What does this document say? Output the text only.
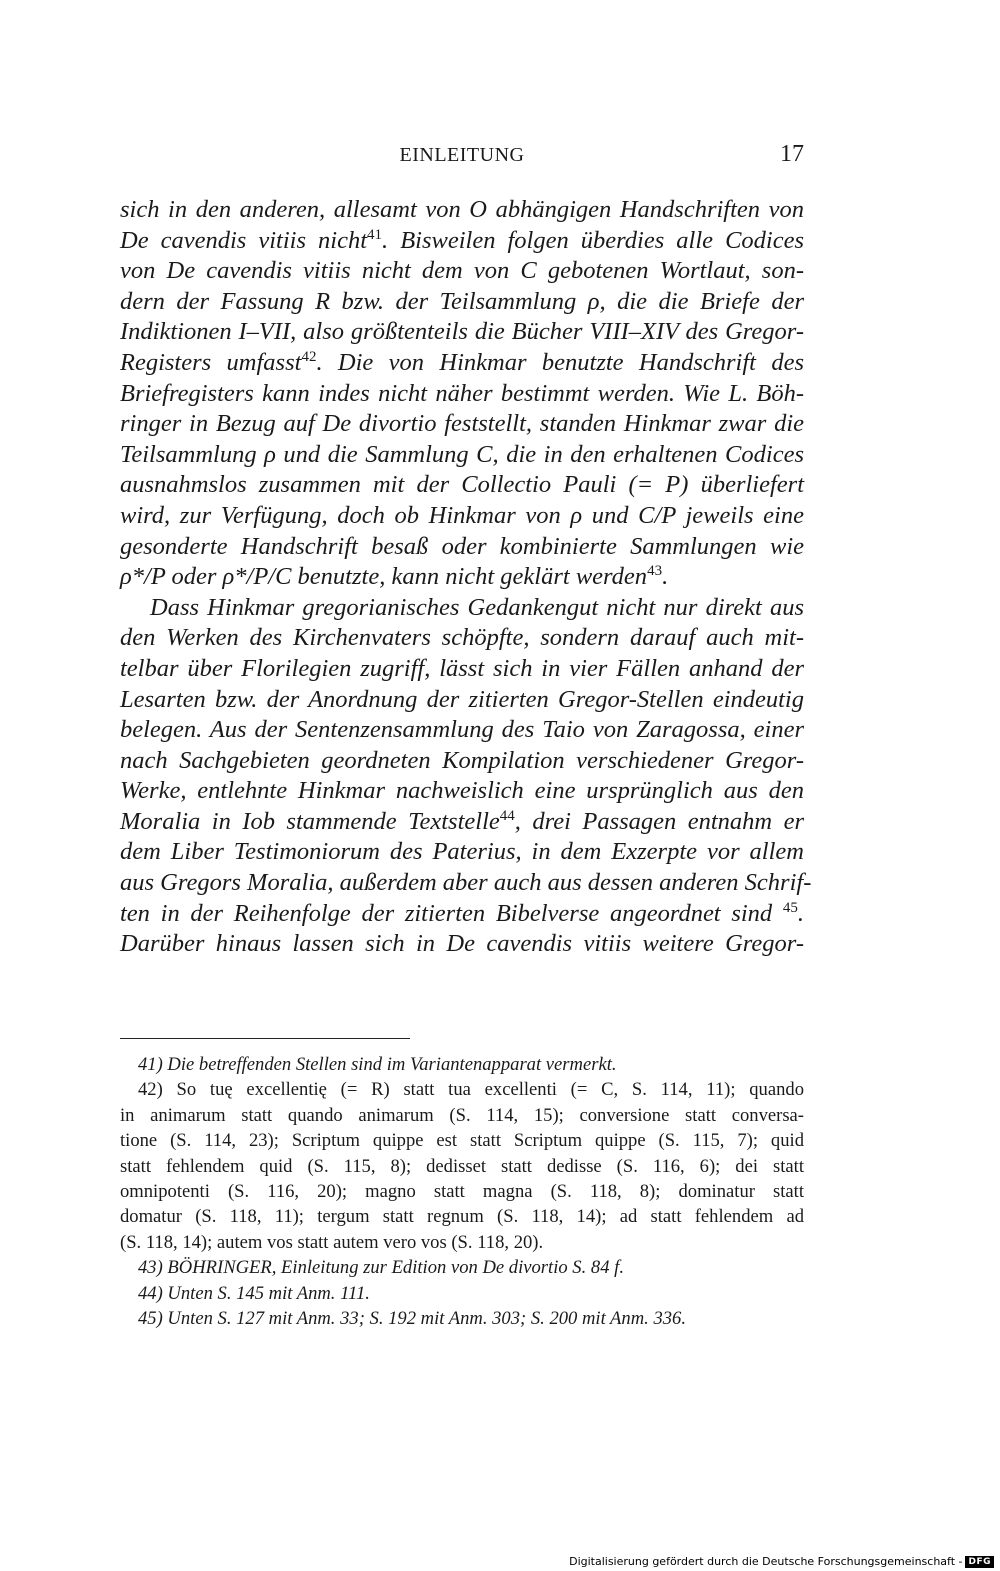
EINLEITUNG	17
sich in den anderen, allesamt von O abhängigen Handschriften von
De cavendis vitiis nicht$^{41}$. Bisweilen folgen überdies alle Codices
von De cavendis vitiis nicht dem von C gebotenen Wortlaut, son-
dern der Fassung R bzw. der Teilsammlung ρ, die die Briefe der
Indiktionen I–VII, also größtenteils die Bücher VIII–XIV des Gregor-
Registers umfasst$^{42}$. Die von Hinkmar benutzte Handschrift des
Briefregisters kann indes nicht näher bestimmt werden. Wie L. Böh-
ringer in Bezug auf De divortio feststellt, standen Hinkmar zwar die
Teilsammlung ρ und die Sammlung C, die in den erhaltenen Codices
ausnahmslos zusammen mit der Collectio Pauli (= P) überliefert
wird, zur Verfügung, doch ob Hinkmar von ρ und C/P jeweils eine
gesonderte Handschrift besaß oder kombinierte Sammlungen wie
ρ*/P oder ρ*/P/C benutzte, kann nicht geklärt werden$^{43}$.
Dass Hinkmar gregorianisches Gedankengut nicht nur direkt aus
den Werken des Kirchenvaters schöpfte, sondern darauf auch mit-
telbar über Florilegien zugriff, lässt sich in vier Fällen anhand der
Lesarten bzw. der Anordnung der zitierten Gregor-Stellen eindeutig
belegen. Aus der Sentenzensammlung des Taio von Zaragossa, einer
nach Sachgebieten geordneten Kompilation verschiedener Gregor-
Werke, entlehnte Hinkmar nachweislich eine ursprünglich aus den
Moralia in Iob stammende Textstelle$^{44}$, drei Passagen entnahm er
dem Liber Testimoniorum des Paterius, in dem Exzerpte vor allem
aus Gregors Moralia, außerdem aber auch aus dessen anderen Schrif-
ten in der Reihenfolge der zitierten Bibelverse angeordnet sind $^{45}$.
Darüber hinaus lassen sich in De cavendis vitiis weitere Gregor-
41) Die betreffenden Stellen sind im Variantenapparat vermerkt.
42) So tuę excellentię (= R) statt tua excellenti (= C, S. 114, 11); quando
in animarum statt quando animarum (S. 114, 15); conversione statt conversa-
tione (S. 114, 23); Scriptum quippe est statt Scriptum quippe (S. 115, 7); quid
statt fehlendem quid (S. 115, 8); dedisset statt dedisse (S. 116, 6); dei statt
omnipotenti (S. 116, 20); magno statt magna (S. 118, 8); dominatur statt
domatur (S. 118, 11); tergum statt regnum (S. 118, 14); ad statt fehlendem ad
(S. 118, 14); autem vos statt autem vero vos (S. 118, 20).
43) BÖHRINGER, Einleitung zur Edition von De divortio S. 84 f.
44) Unten S. 145 mit Anm. 111.
45) Unten S. 127 mit Anm. 33; S. 192 mit Anm. 303; S. 200 mit Anm. 336.
Digitalisierung gefördert durch die Deutsche Forschungsgemeinschaft - DFG
